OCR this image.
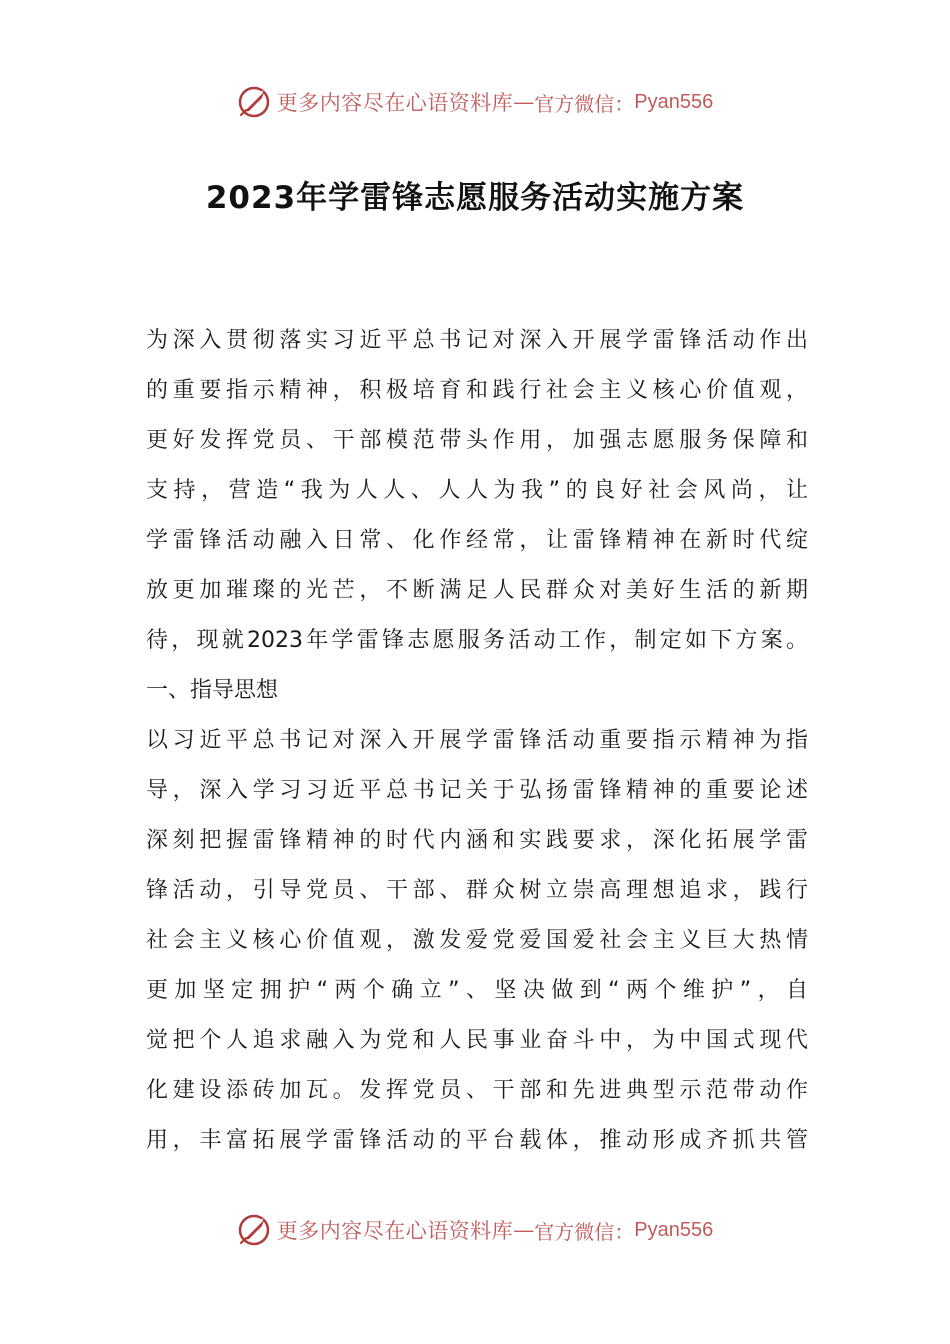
更多内容尽在心语资料库 — 官方微信： Pyan556
2023年学雷锋志愿服务活动实施方案
为深入贯彻落实习近平总书记对深入开展学雷锋活动作出
的重要指示精神，积极培育和践行社会主义核心价值观，
更好发挥党员、干部模范带头作用，加强志愿服务保障和
支持，营造“我为人人、人人为我”的良好社会风尚，让
学雷锋活动融入日常、化作经常，让雷锋精神在新时代绽
放更加璀璨的光芒，不断满足人民群众对美好生活的新期
待，现就2023年学雷锋志愿服务活动工作，制定如下方案。
一、指导思想
以习近平总书记对深入开展学雷锋活动重要指示精神为指
导，深入学习习近平总书记关于弘扬雷锋精神的重要论述
深刻把握雷锋精神的时代内涵和实践要求，深化拓展学雷
锋活动，引导党员、干部、群众树立崇高理想追求，践行
社会主义核心价值观，激发爱党爱国爱社会主义巨大热情
更加坚定拥护“两个确立”、坚决做到“两个维护”，自
觉把个人追求融入为党和人民事业奋斗中，为中国式现代
化建设添砖加瓦。发挥党员、干部和先进典型示范带动作
用，丰富拓展学雷锋活动的平台载体，推动形成齐抓共管
更多内容尽在心语资料库 — 官方微信： Pyan556
